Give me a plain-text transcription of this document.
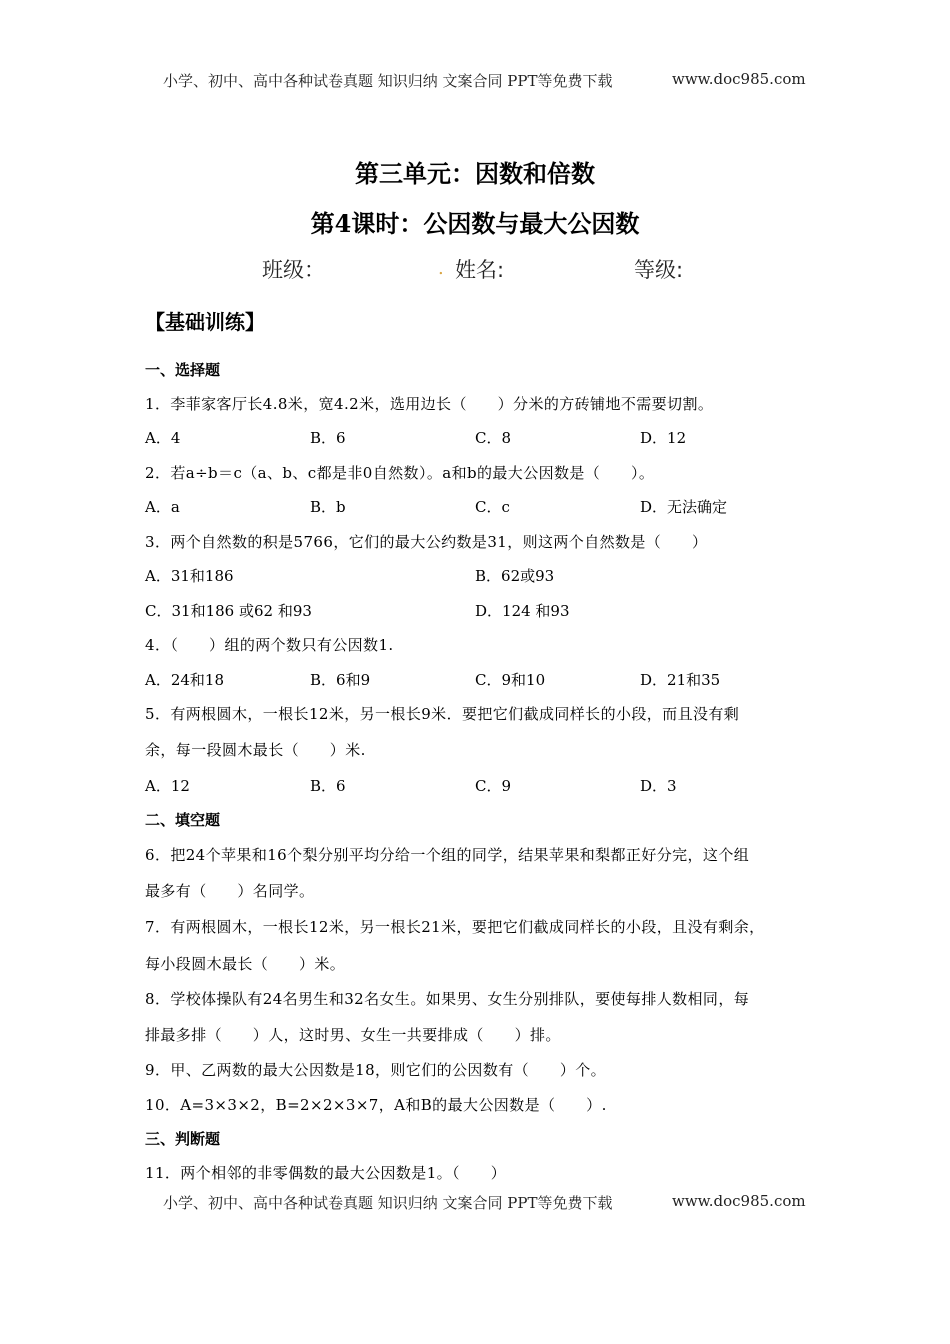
小学、初中、高中各种试卷真题 知识归纳 文案合同 PPT等免费下载	www.doc985.com
第三单元：因数和倍数
第4课时：公因数与最大公因数
班级：	. 姓名:	等级:
【基础训练】
一、选择题
1．李菲家客厅长4.8米，宽4.2米，选用边长（　　）分米的方砖铺地不需要切割。
A．4	B．6	C．8	D．12
2．若a÷b＝c（a、b、c都是非0自然数）。a和b的最大公因数是（　　）。
A．a	B．b	C．c	D．无法确定
3．两个自然数的积是5766，它们的最大公约数是31，则这两个自然数是（　　）
A．31和186	B．62或93
C．31和186 或62 和93	D．124 和93
4．（　　）组的两个数只有公因数1.
A．24和18	B．6和9	C．9和10	D．21和35
5．有两根圆木，一根长12米，另一根长9米．要把它们截成同样长的小段，而且没有剩
余，每一段圆木最长（　　）米.
A．12	B．6	C．9	D．3
二、填空题
6．把24个苹果和16个梨分别平均分给一个组的同学，结果苹果和梨都正好分完，这个组
最多有（　　）名同学。
7．有两根圆木，一根长12米，另一根长21米，要把它们截成同样长的小段，且没有剩余，
每小段圆木最长（　　）米。
8．学校体操队有24名男生和32名女生。如果男、女生分别排队，要使每排人数相同，每
排最多排（　　）人，这时男、女生一共要排成（　　）排。
9．甲、乙两数的最大公因数是18，则它们的公因数有（　　）个。
10．A=3×3×2，B=2×2×3×7，A和B的最大公因数是（　　）.
三、判断题
11．两个相邻的非零偶数的最大公因数是1。（　　）
小学、初中、高中各种试卷真题 知识归纳 文案合同 PPT等免费下载	www.doc985.com
